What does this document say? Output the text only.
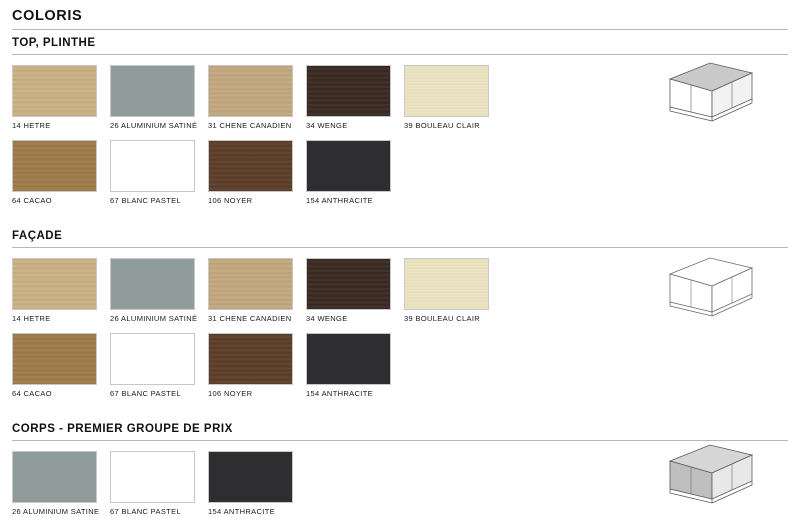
COLORIS
TOP, PLINTHE
14 HETRE	26 ALUMINIUM SATINÉ 31 CHENE CANADIEN	34 WENGE	39 BOULEAU CLAIR
64 CACAO	67 BLANC PASTEL	106 NOYER	154 ANTHRACITE
FAÇADE
14 HETRE	26 ALUMINIUM SATINÉ 31 CHENE CANADIEN	34 WENGE	39 BOULEAU CLAIR
64 CACAO	67 BLANC PASTEL	106 NOYER	154 ANTHRACITE
CORPS - PREMIER GROUPE DE PRIX
26 ALUMINIUM SATINE 67 BLANC PASTEL	154 ANTHRACITE
